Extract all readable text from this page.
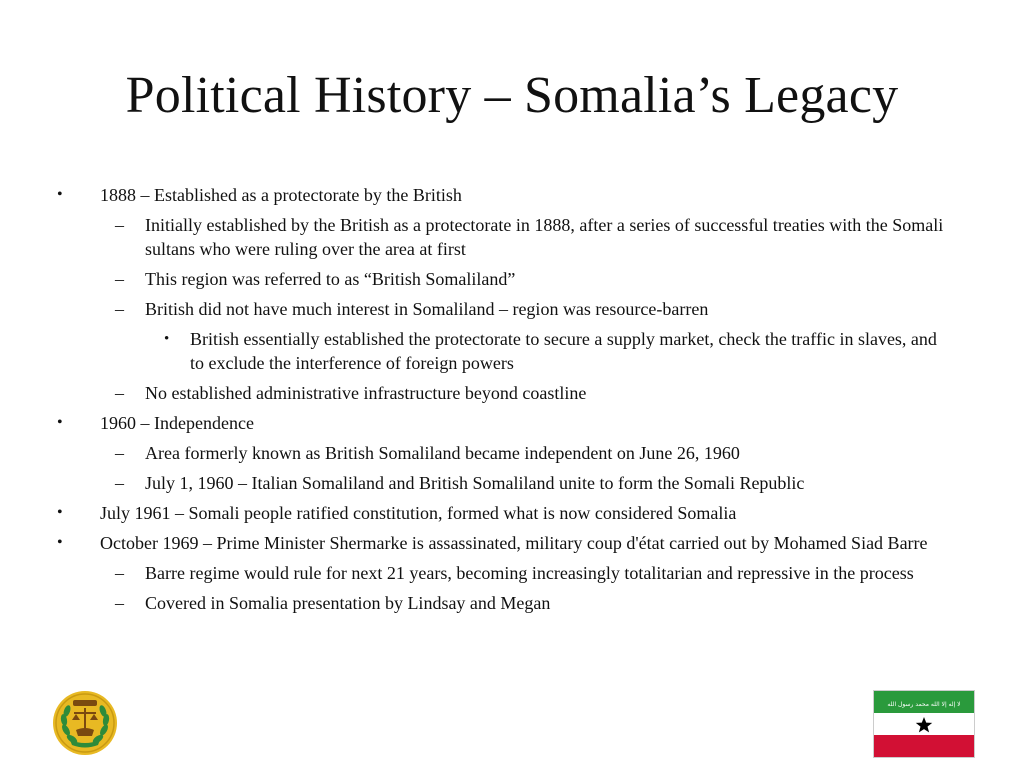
Political History – Somalia’s Legacy
• 1888 – Established as a protectorate by the British
– Initially established by the British as a protectorate in 1888, after a series of successful treaties with the Somali sultans who were ruling over the area at first
– This region was referred to as “British Somaliland”
– British did not have much interest in Somaliland – region was resource-barren
• British essentially established the protectorate to secure a supply market, check the traffic in slaves, and to exclude the interference of foreign powers
– No established administrative infrastructure beyond coastline
• 1960 – Independence
– Area formerly known as British Somaliland became independent on June 26, 1960
– July 1, 1960 – Italian Somaliland and British Somaliland unite to form the Somali Republic
• July 1961 – Somali people ratified constitution, formed what is now considered Somalia
• October 1969 – Prime Minister Shermarke is assassinated, military coup d'état carried out by Mohamed Siad Barre
– Barre regime would rule for next 21 years, becoming increasingly totalitarian and repressive in the process
– Covered in Somalia presentation by Lindsay and Megan
لا إله إلا الله محمد رسول الله
